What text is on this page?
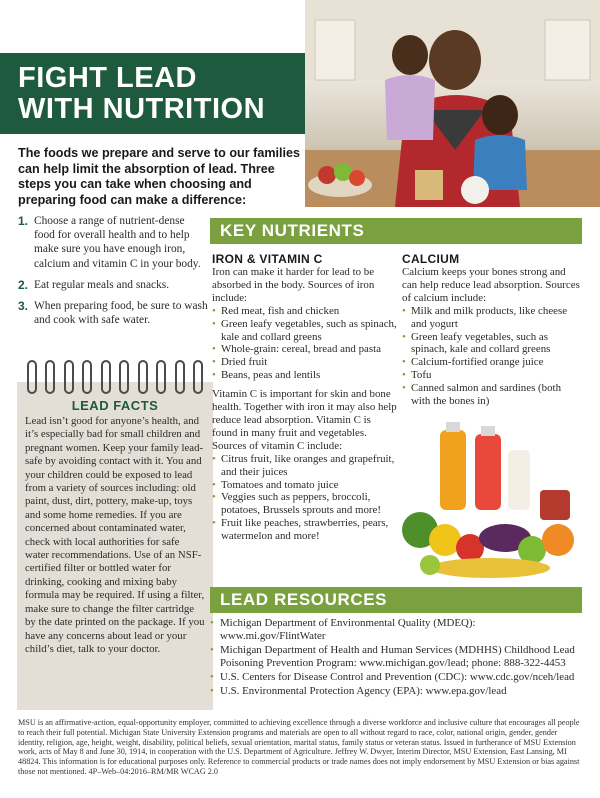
FIGHT LEAD
WITH NUTRITION
The foods we prepare and serve to our families can help limit the absorption of lead. Three steps you can take when choosing and preparing food can make a difference:
1. Choose a range of nutrient-dense food for overall health and to help make sure you have enough iron, calcium and vitamin C in your body.
2. Eat regular meals and snacks.
3. When preparing food, be sure to wash and cook with safe water.
LEAD FACTS
Lead isn’t good for anyone’s health, and it’s especially bad for small children and pregnant women. Keep your family lead-safe by avoiding contact with it. You and your children could be exposed to lead from a variety of sources including: old paint, dust, dirt, pottery, make-up, toys and some home remedies. If you are concerned about contaminated water, check with local authorities for safe water recommendations. Use of an NSF-certified filter or bottled water for drinking, cooking and mixing baby formula may be required. If using a filter, make sure to change the filter cartridge by the date printed on the package. If you have any concerns about lead or your child’s diet, talk to your doctor.
KEY NUTRIENTS
IRON & VITAMIN C

Iron can make it harder for lead to be absorbed in the body. Sources of iron include:

• Red meat, fish and chicken
• Green leafy vegetables, such as spinach, kale and collard greens
• Whole-grain: cereal, bread and pasta
• Dried fruit
• Beans, peas and lentils

Vitamin C is important for skin and bone health. Together with iron it may also help reduce lead absorption. Vitamin C is found in many fruit and vegetables. Sources of vitamin C include:

• Citrus fruit, like oranges and grapefruit, and their juices
• Tomatoes and tomato juice
• Veggies such as peppers, broccoli, potatoes, Brussels sprouts and more!
• Fruit like peaches, strawberries, pears, watermelon and more!
CALCIUM

Calcium keeps your bones strong and can help reduce lead absorption. Sources of calcium include:

• Milk and milk products, like cheese and yogurt
• Green leafy vegetables, such as spinach, kale and collard greens
• Calcium-fortified orange juice
• Tofu
• Canned salmon and sardines (both with the bones in)
LEAD RESOURCES
• Michigan Department of Environmental Quality (MDEQ): www.mi.gov/FlintWater
• Michigan Department of Health and Human Services (MDHHS) Childhood Lead Poisoning Prevention Program: www.michigan.gov/lead; phone: 888-322-4453
• U.S. Centers for Disease Control and Prevention (CDC): www.cdc.gov/nceh/lead
• U.S. Environmental Protection Agency (EPA): www.epa.gov/lead
MSU is an affirmative-action, equal-opportunity employer, committed to achieving excellence through a diverse workforce and inclusive culture that encourages all people to reach their full potential. Michigan State University Extension programs and materials are open to all without regard to race, color, national origin, gender, gender identity, religion, age, height, weight, disability, political beliefs, sexual orientation, marital status, family status or veteran status. Issued in furtherance of MSU Extension work, acts of May 8 and June 30, 1914, in cooperation with the U.S. Department of Agriculture. Jeffrey W. Dwyer, Interim Director, MSU Extension, East Lansing, MI 48824. This information is for educational purposes only. Reference to commercial products or trade names does not imply endorsement by MSU Extension or bias against those not mentioned. 4P–Web–04:2016–RM/MR WCAG 2.0
